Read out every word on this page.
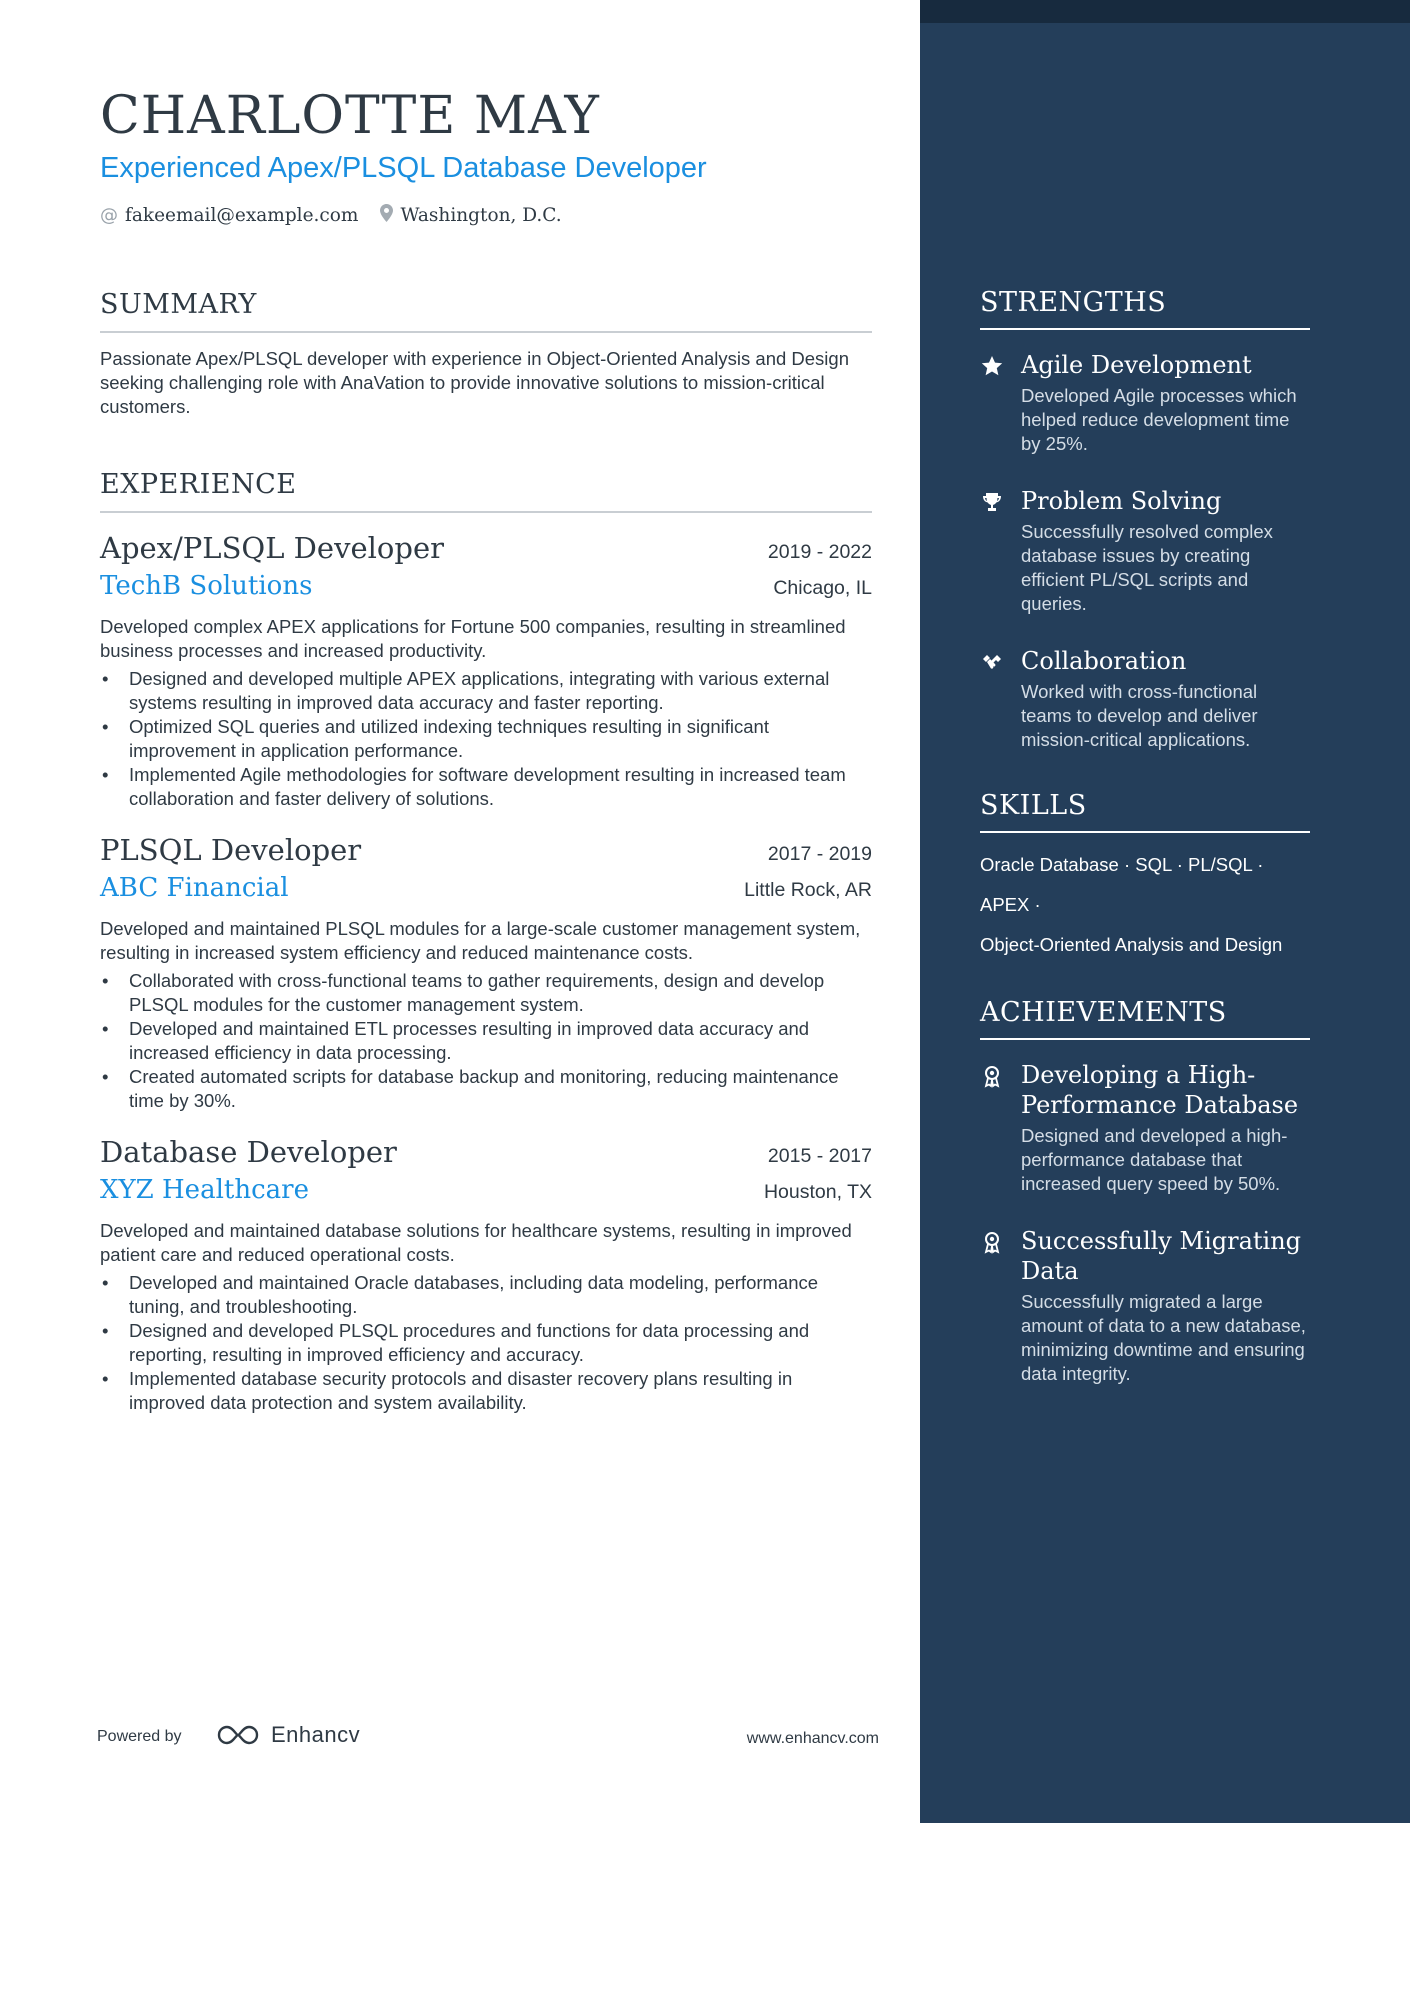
CHARLOTTE MAY
Experienced Apex/PLSQL Database Developer
@ fakeemail@example.com Washington, D.C.
SUMMARY
Passionate Apex/PLSQL developer with experience in Object-Oriented Analysis and Design seeking challenging role with AnaVation to provide innovative solutions to mission-critical customers.
EXPERIENCE
Apex/PLSQL Developer	2019 - 2022
TechB Solutions	Chicago, IL
Developed complex APEX applications for Fortune 500 companies, resulting in streamlined business processes and increased productivity.
• Designed and developed multiple APEX applications, integrating with various external systems resulting in improved data accuracy and faster reporting.
• Optimized SQL queries and utilized indexing techniques resulting in significant improvement in application performance.
• Implemented Agile methodologies for software development resulting in increased team collaboration and faster delivery of solutions.
PLSQL Developer	2017 - 2019
ABC Financial	Little Rock, AR
Developed and maintained PLSQL modules for a large-scale customer management system, resulting in increased system efficiency and reduced maintenance costs.
• Collaborated with cross-functional teams to gather requirements, design and develop PLSQL modules for the customer management system.
• Developed and maintained ETL processes resulting in improved data accuracy and increased efficiency in data processing.
• Created automated scripts for database backup and monitoring, reducing maintenance time by 30%.
Database Developer	2015 - 2017
XYZ Healthcare	Houston, TX
Developed and maintained database solutions for healthcare systems, resulting in improved patient care and reduced operational costs.
• Developed and maintained Oracle databases, including data modeling, performance tuning, and troubleshooting.
• Designed and developed PLSQL procedures and functions for data processing and reporting, resulting in improved efficiency and accuracy.
• Implemented database security protocols and disaster recovery plans resulting in improved data protection and system availability.
Powered by	Enhancv	www.enhancv.com
STRENGTHS
Agile Development
Developed Agile processes which helped reduce development time by 25%.
Problem Solving
Successfully resolved complex database issues by creating efficient PL/SQL scripts and queries.
Collaboration
Worked with cross-functional teams to develop and deliver mission-critical applications.
SKILLS
Oracle Database · SQL · PL/SQL ·
APEX ·
Object-Oriented Analysis and Design
ACHIEVEMENTS
Developing a High-Performance Database
Designed and developed a high-performance database that increased query speed by 50%.
Successfully Migrating Data
Successfully migrated a large amount of data to a new database, minimizing downtime and ensuring data integrity.
